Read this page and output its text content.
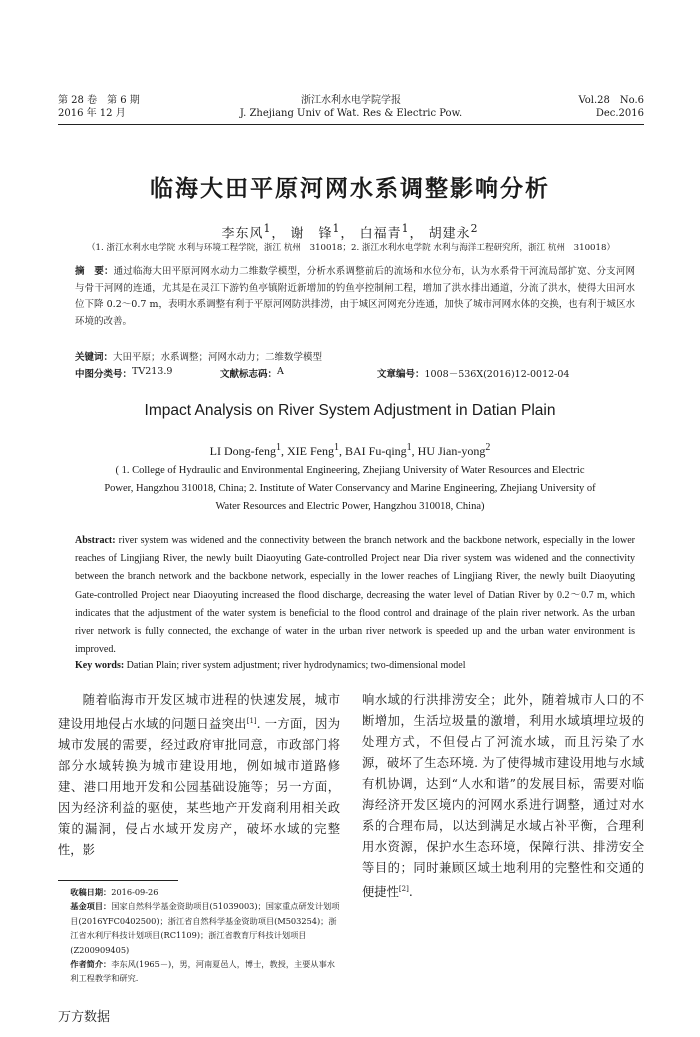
第 28 卷　第 6 期
2016 年 12 月
浙江水利水电学院学报
J. Zhejiang Univ of Wat. Res & Electric Pow.
Vol.28　No.6
Dec.2016
临海大田平原河网水系调整影响分析
李东风$^1$， 谢　锋$^1$， 白福青$^1$， 胡建永$^2$
（1. 浙江水利水电学院 水利与环境工程学院，浙江 杭州　310018；2. 浙江水利水电学院 水利与海洋工程研究所，浙江 杭州　310018）
摘　要：通过临海大田平原河网水动力二维数学模型，分析水系调整前后的流场和水位分布，认为水系骨干河流局部扩宽、分支河网与骨干河网的连通，尤其是在灵江下游钓鱼亭镇附近新增加的钓鱼亭控制闸工程，增加了洪水排出通道，分流了洪水，使得大田河水位下降 0.2～0.7 m，表明水系调整有利于平原河网防洪排涝，由于城区河网充分连通，加快了城市河网水体的交换，也有利于城区水环境的改善。
关键词：大田平原；水系调整；河网水动力；二维数学模型
中图分类号： TV213.9	文献标志码： A	文章编号： 1008－536X(2016)12-0012-04
Impact Analysis on River System Adjustment in Datian Plain
LI Dong-feng$^1$, XIE Feng$^1$, BAI Fu-qing$^1$, HU Jian-yong$^2$
( 1. College of Hydraulic and Environmental Engineering, Zhejiang University of Water Resources and Electric Power, Hangzhou 310018, China; 2. Institute of Water Conservancy and Marine Engineering, Zhejiang University of Water Resources and Electric Power, Hangzhou 310018, China)
Abstract: river system was widened and the connectivity between the branch network and the backbone network, especially in the lower reaches of Lingjiang River, the newly built Diaoyuting Gate-controlled Project near Dia river system was widened and the connectivity between the branch network and the backbone network, especially in the lower reaches of Lingjiang River, the newly built Diaoyuting Gate-controlled Project near Diaoyuting increased the flood discharge, decreasing the water level of Datian River by 0.2～0.7 m, which indicates that the adjustment of the water system is beneficial to the flood control and drainage of the plain river network. As the urban river network is fully connected, the exchange of water in the urban river network is speeded up and the urban water environment is improved.
Key words: Datian Plain; river system adjustment; river hydrodynamics; two-dimensional model

随着临海市开发区城市进程的快速发展，城市建设用地侵占水域的问题日益突出[1]. 一方面，因为城市发展的需要，经过政府审批同意，市政部门将部分水域转换为城市建设用地，例如城市道路修建、港口用地开发和公园基础设施等；另一方面，因为经济利益的驱使，某些地产开发商利用相关政策的漏洞，侵占水域开发房产，破坏水域的完整性，影

响水域的行洪排涝安全；此外，随着城市人口的不断增加，生活垃圾量的激增，利用水域填埋垃圾的处理方式，不但侵占了河流水域，而且污染了水源，破坏了生态环境. 为了使得城市建设用地与水域有机协调，达到“人水和谐”的发展目标，需要对临海经济开发区境内的河网水系进行调整，通过对水系的合理布局，以达到满足水域占补平衡，合理利用水资源，保护水生态环境，保障行洪、排涝安全等目的；同时兼顾区域土地利用的完整性和交通的便捷性[2].

收稿日期：2016-09-26
基金项目：国家自然科学基金资助项目(51039003)；国家重点研发计划项目(2016YFC0402500)；浙江省自然科学基金资助项目(M503254)；浙江省水利厅科技计划项目(RC1109)；浙江省教育厅科技计划项目(Z200909405)
作者简介：李东风(1965－)，男，河南夏邑人，博士，教授，主要从事水利工程教学和研究.
万方数据
